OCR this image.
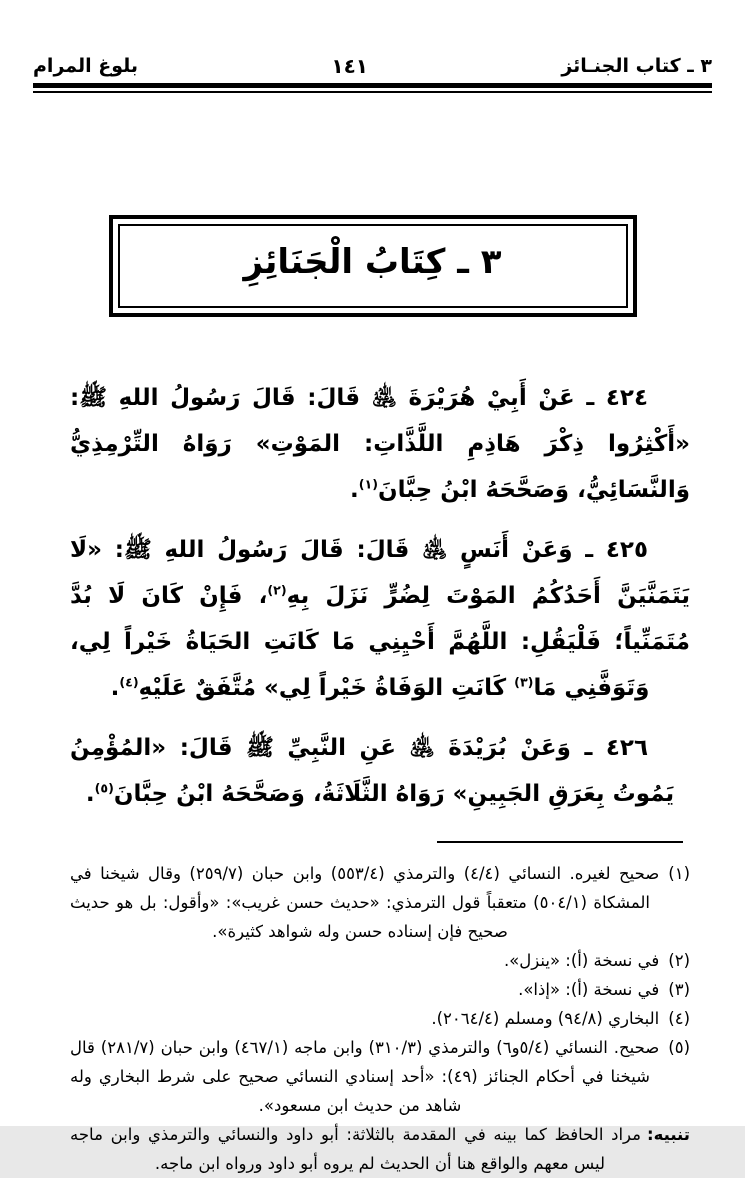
٣ ـ كتاب الجنـائز
١٤١
بلوغ المرام
٣ ـ كِتَابُ الْجَنَائِزِ

٤٢٤ ـ عَنْ أَبِيْ هُرَيْرَةَ ﵁ قَالَ: قَالَ رَسُولُ اللهِ ﷺ: «أَكْثِرُوا ذِكْرَ هَاذِمِ اللَّذَّاتِ: المَوْتِ» رَوَاهُ التِّرْمِذِيُّ وَالنَّسَائِيُّ، وَصَحَّحَهُ ابْنُ حِبَّانَ$^{(١)}$.

٤٢٥ ـ وَعَنْ أَنَسٍ ﵁ قَالَ: قَالَ رَسُولُ اللهِ ﷺ: «لَا يَتَمَنَّيَنَّ أَحَدُكُمُ المَوْتَ لِضُرٍّ نَزَلَ بِهِ$^{(٢)}$، فَإِنْ كَانَ لَا بُدَّ مُتَمَنِّياً؛ فَلْيَقُلِ: اللَّهُمَّ أَحْيِنِي مَا كَانَتِ الحَيَاةُ خَيْراً لِي، وَتَوَفَّنِي مَا$^{(٣)}$ كَانَتِ الوَفَاةُ خَيْراً لِي» مُتَّفَقٌ عَلَيْهِ$^{(٤)}$.

٤٢٦ ـ وَعَنْ بُرَيْدَةَ ﵁ عَنِ النَّبِيِّ ﷺ قَالَ: «المُؤْمِنُ يَمُوتُ بِعَرَقِ الجَبِينِ» رَوَاهُ الثَّلَاثَةُ، وَصَحَّحَهُ ابْنُ حِبَّانَ$^{(٥)}$.

(١)صحيح لغيره. النسائي (٤/٤) والترمذي (٥٥٣/٤) وابن حبان (٢٥٩/٧) وقال شيخنا في المشكاة (٥٠٤/١) متعقباً قول الترمذي: «حديث حسن غريب»: «وأقول: بل هو حديث صحيح فإن إسناده حسن وله شواهد كثيرة».

(٢)في نسخة (أ): «ينزل».

(٣)في نسخة (أ): «إذا».

(٤)البخاري (٩٤/٨) ومسلم (٢٠٦٤/٤).

(٥)صحيح. النسائي (٥/٤و٦) والترمذي (٣١٠/٣) وابن ماجه (٤٦٧/١) وابن حبان (٢٨١/٧) قال شيخنا في أحكام الجنائز (٤٩): «أحد إسنادي النسائي صحيح على شرط البخاري وله شاهد من حديث ابن مسعود».

تنبيه:مراد الحافظ كما بينه في المقدمة بالثلاثة: أبو داود والنسائي والترمذي وابن ماجه ليس معهم والواقع هنا أن الحديث لم يروه أبو داود ورواه ابن ماجه.
